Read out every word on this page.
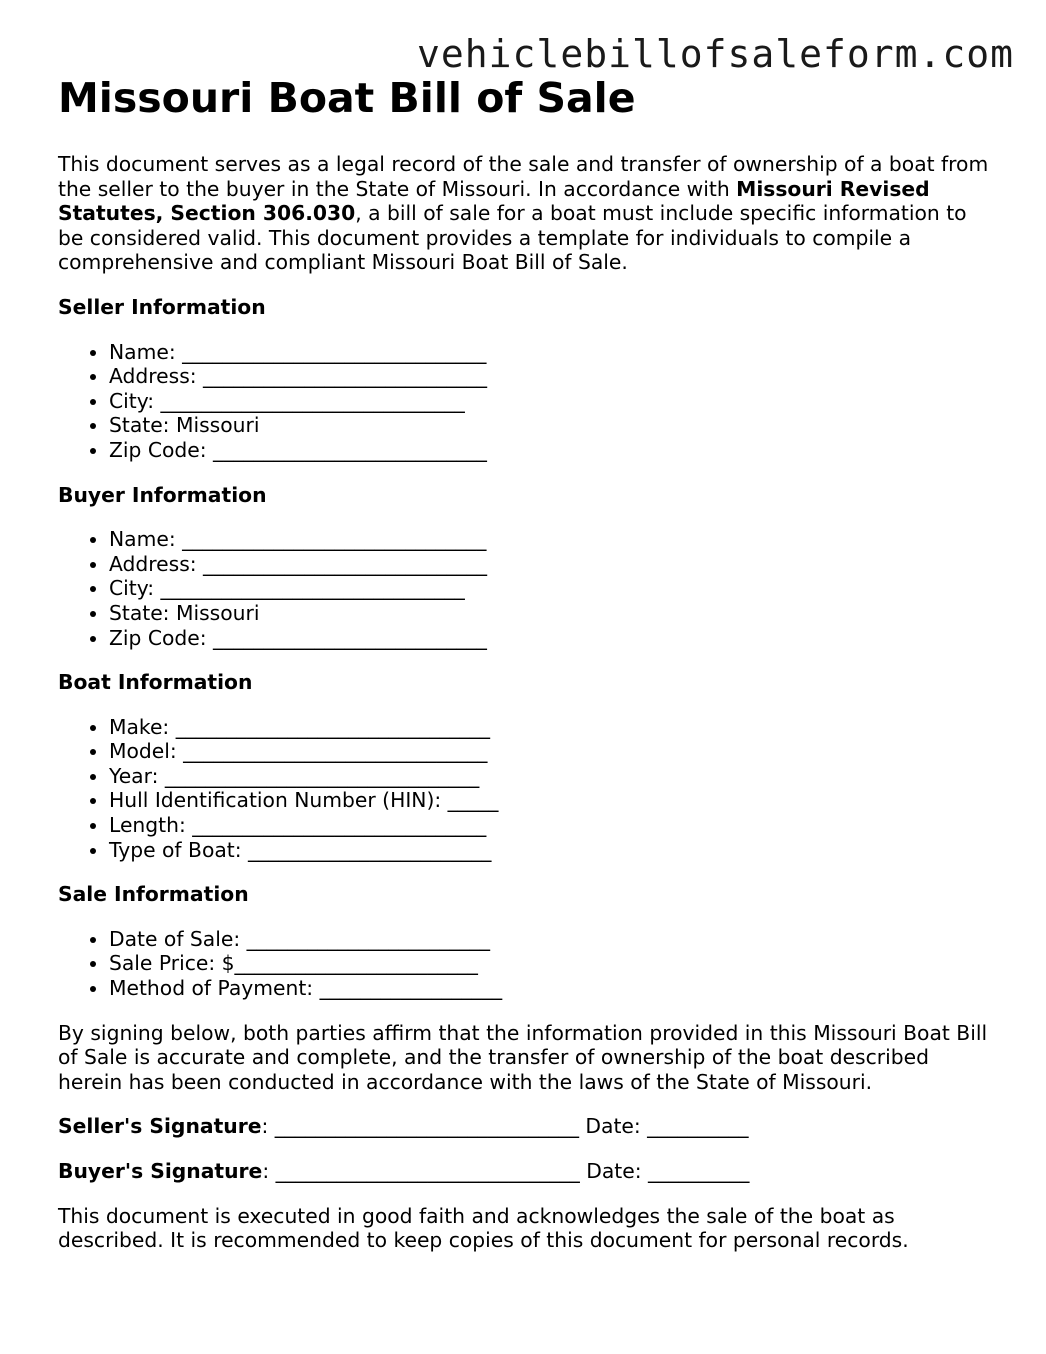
vehiclebillofsaleform.com
Missouri Boat Bill of Sale

This document serves as a legal record of the sale and transfer of ownership of a boat from the seller to the buyer in the State of Missouri. In accordance with Missouri Revised Statutes, Section 306.030, a bill of sale for a boat must include specific information to be considered valid. This document provides a template for individuals to compile a comprehensive and compliant Missouri Boat Bill of Sale.

Seller Information
• Name: ______________________________
• Address: ____________________________
• City: ______________________________
• State: Missouri
• Zip Code: ___________________________
Buyer Information
• Name: ______________________________
• Address: ____________________________
• City: ______________________________
• State: Missouri
• Zip Code: ___________________________
Boat Information
• Make: _______________________________
• Model: ______________________________
• Year: _______________________________
• Hull Identification Number (HIN): _____
• Length: _____________________________
• Type of Boat: ________________________
Sale Information
• Date of Sale: ________________________
• Sale Price: $________________________
• Method of Payment: __________________

By signing below, both parties affirm that the information provided in this Missouri Boat Bill of Sale is accurate and complete, and the transfer of ownership of the boat described herein has been conducted in accordance with the laws of the State of Missouri.

Seller's Signature: ______________________________ Date: __________

Buyer's Signature: ______________________________ Date: __________

This document is executed in good faith and acknowledges the sale of the boat as described. It is recommended to keep copies of this document for personal records.
